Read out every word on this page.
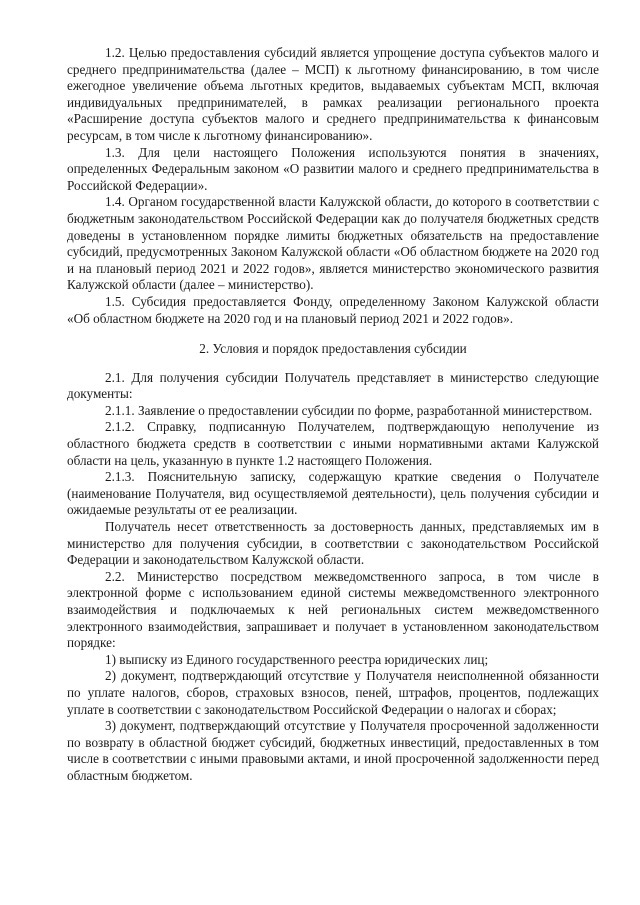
1.2. Целью предоставления субсидий является упрощение доступа субъектов малого и среднего предпринимательства (далее – МСП) к льготному финансированию, в том числе ежегодное увеличение объема льготных кредитов, выдаваемых субъектам МСП, включая индивидуальных предпринимателей, в рамках реализации регионального проекта «Расширение доступа субъектов малого и среднего предпринимательства к финансовым ресурсам, в том числе к льготному финансированию».

1.3. Для цели настоящего Положения используются понятия в значениях, определенных Федеральным законом «О развитии малого и среднего предпринимательства в Российской Федерации».

1.4. Органом государственной власти Калужской области, до которого в соответствии с бюджетным законодательством Российской Федерации как до получателя бюджетных средств доведены в установленном порядке лимиты бюджетных обязательств на предоставление субсидий, предусмотренных Законом Калужской области «Об областном бюджете на 2020 год и на плановый период 2021 и 2022 годов», является министерство экономического развития Калужской области (далее – министерство).

1.5. Субсидия предоставляется Фонду, определенному Законом Калужской области «Об областном бюджете на 2020 год и на плановый период 2021 и 2022 годов».

2. Условия и порядок предоставления субсидии

2.1. Для получения субсидии Получатель представляет в министерство следующие документы:

2.1.1. Заявление о предоставлении субсидии по форме, разработанной министерством.

2.1.2. Справку, подписанную Получателем, подтверждающую неполучение из областного бюджета средств в соответствии с иными нормативными актами Калужской области на цель, указанную в пункте 1.2 настоящего Положения.

2.1.3. Пояснительную записку, содержащую краткие сведения о Получателе (наименование Получателя, вид осуществляемой деятельности), цель получения субсидии и ожидаемые результаты от ее реализации.

Получатель несет ответственность за достоверность данных, представляемых им в министерство для получения субсидии, в соответствии с законодательством Российской Федерации и законодательством Калужской области.

2.2. Министерство посредством межведомственного запроса, в том числе в электронной форме с использованием единой системы межведомственного электронного взаимодействия и подключаемых к ней региональных систем межведомственного электронного взаимодействия, запрашивает и получает в установленном законодательством порядке:

1) выписку из Единого государственного реестра юридических лиц;

2) документ, подтверждающий отсутствие у Получателя неисполненной обязанности по уплате налогов, сборов, страховых взносов, пеней, штрафов, процентов, подлежащих уплате в соответствии с законодательством Российской Федерации о налогах и сборах;

3) документ, подтверждающий отсутствие у Получателя просроченной задолженности по возврату в областной бюджет субсидий, бюджетных инвестиций, предоставленных в том числе в соответствии с иными правовыми актами, и иной просроченной задолженности перед областным бюджетом.
